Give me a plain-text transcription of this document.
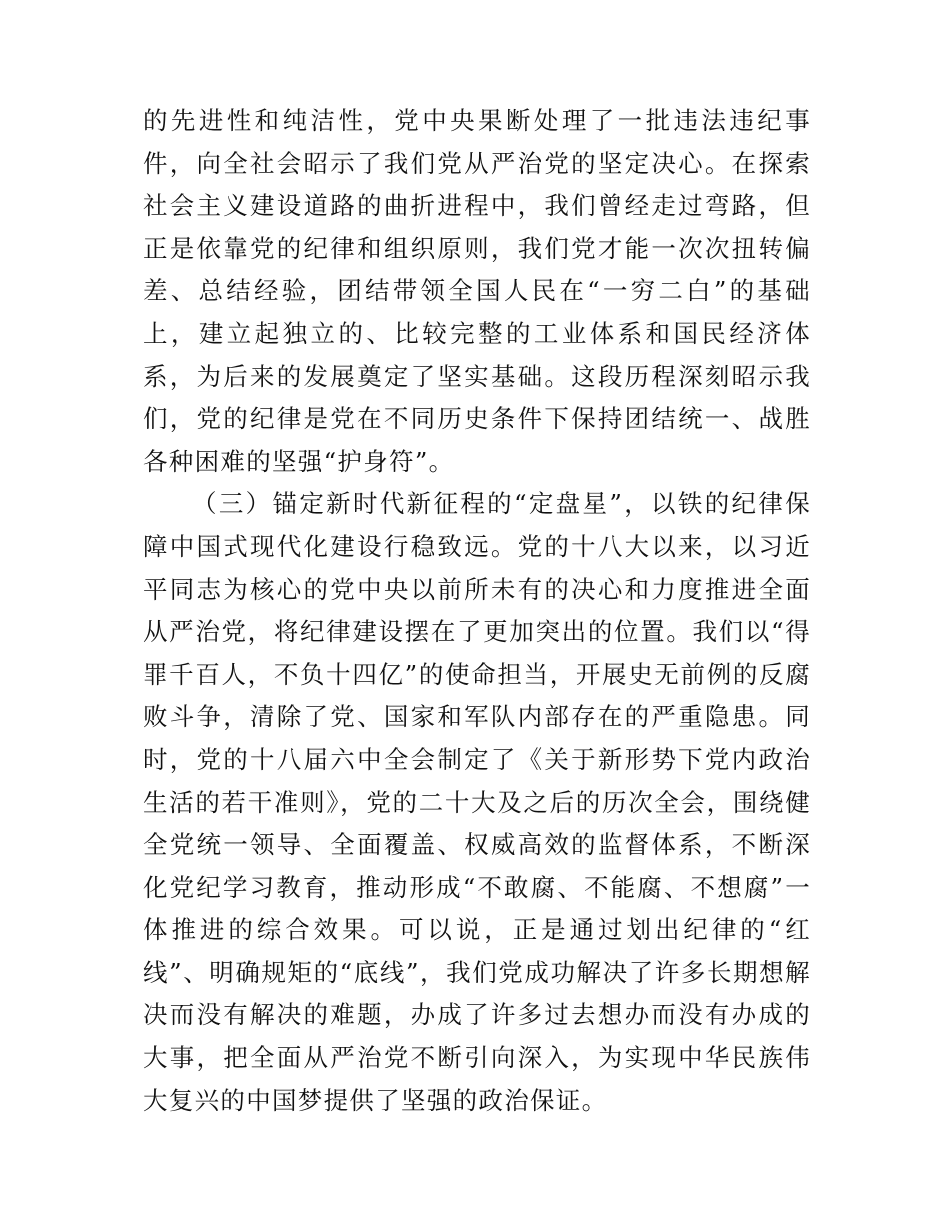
的先进性和纯洁性，党中央果断处理了一批违法违纪事件，向全社会昭示了我们党从严治党的坚定决心。在探索社会主义建设道路的曲折进程中，我们曾经走过弯路，但正是依靠党的纪律和组织原则，我们党才能一次次扭转偏差、总结经验，团结带领全国人民在“一穷二白”的基础上，建立起独立的、比较完整的工业体系和国民经济体系，为后来的发展奠定了坚实基础。这段历程深刻昭示我们，党的纪律是党在不同历史条件下保持团结统一、战胜各种困难的坚强“护身符”。

（三）锚定新时代新征程的“定盘星”，以铁的纪律保障中国式现代化建设行稳致远。党的十八大以来，以习近平同志为核心的党中央以前所未有的决心和力度推进全面从严治党，将纪律建设摆在了更加突出的位置。我们以“得罪千百人，不负十四亿”的使命担当，开展史无前例的反腐败斗争，清除了党、国家和军队内部存在的严重隐患。同时，党的十八届六中全会制定了《关于新形势下党内政治生活的若干准则》，党的二十大及之后的历次全会，围绕健全党统一领导、全面覆盖、权威高效的监督体系，不断深化党纪学习教育，推动形成“不敢腐、不能腐、不想腐”一体推进的综合效果。可以说，正是通过划出纪律的“红线”、明确规矩的“底线”，我们党成功解决了许多长期想解决而没有解决的难题，办成了许多过去想办而没有办成的大事，把全面从严治党不断引向深入，为实现中华民族伟大复兴的中国梦提供了坚强的政治保证。
